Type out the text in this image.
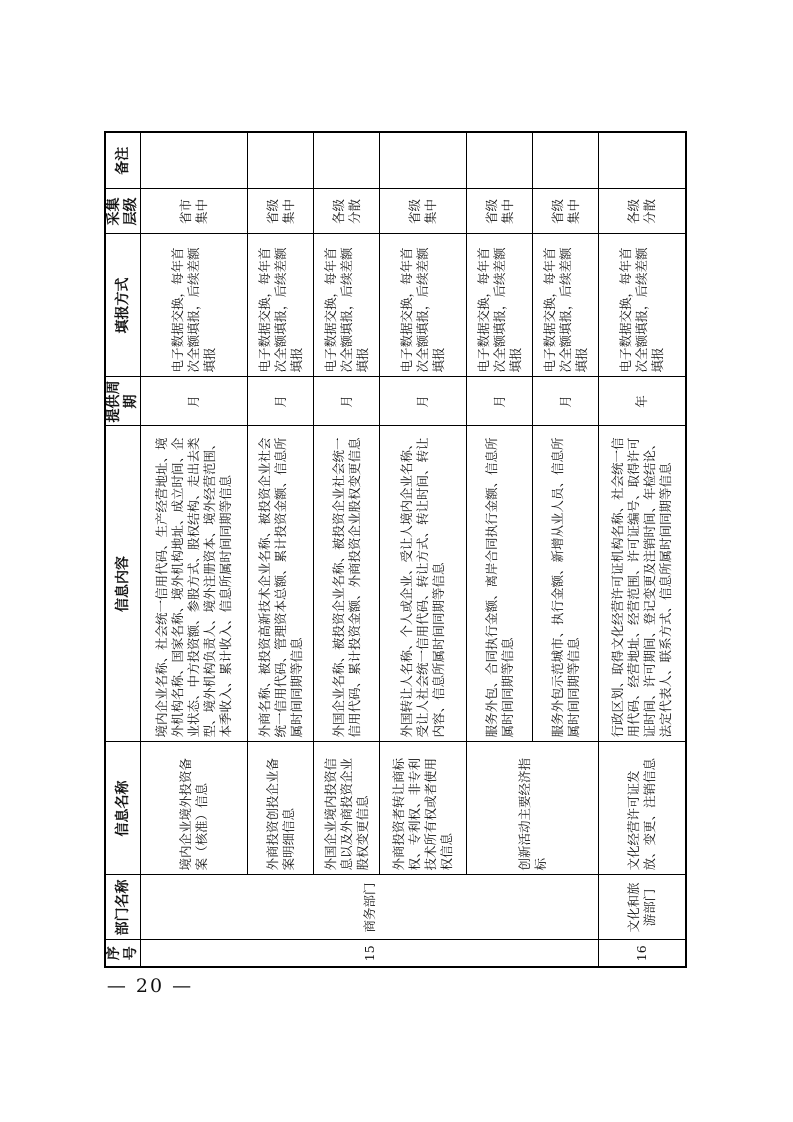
— 20 —
序号	部门名称	信息名称	信息内容	提供周期	填报方式	采集层级	备注
15	商务部门	境内企业境外投资备案（核准）信息	境内企业名称、社会统一信用代码、生产经营地址、境外机构名称、国家名称、境外机构地址、成立时间、企业状态、中方投资额、参股方式、股权结构、走出去类型、境外机构负责人、境外注册资本、境外经营范围、本季收入、累计收入、信息所属时间同期等信息	月	电子数据交换，每年首次全额填报，后续差额填报	省市集中	
		外商投资创投企业备案明细信息	外商名称、被投资高新技术企业名称、被投资企业社会统一信用代码、管理资本总额、累计投资金额、信息所属时间同期等信息	月	电子数据交换，每年首次全额填报，后续差额填报	省级集中	
		外国企业境内投资信息以及外商投资企业股权变更信息	外国企业名称、被投资企业名称、被投资企业社会统一信用代码、累计投资金额、外商投资企业股权变更信息	月	电子数据交换，每年首次全额填报，后续差额填报	各级分散	
		外商投资者转让商标权、专利权、非专利技术所有权或者使用权信息	外国转让人名称、个人或企业、受让人境内企业名称、受让人社会统一信用代码、转让方式、转让时间、转让内容、信息所属时间同期等信息	月	电子数据交换，每年首次全额填报，后续差额填报	省级集中	
		创新活动主要经济指标	服务外包、合同执行金额、离岸合同执行金额、信息所属时间同期等信息	月	电子数据交换，每年首次全额填报，后续差额填报	省级集中	
			服务外包示范城市、执行金额、新增从业人员、信息所属时间同期等信息	月	电子数据交换，每年首次全额填报，后续差额填报	省级集中	
16	文化和旅游部门	文化经营许可证发放、变更、注销信息	行政区划、取得文化经营许可证机构名称、社会统一信用代码、经营地址、经营范围、许可证编号、取得许可证时间、许可期间、登记变更及注销时间、年检结论、法定代表人、联系方式、信息所属时间同期等信息	年	电子数据交换，每年首次全额填报，后续差额填报	各级分散	
